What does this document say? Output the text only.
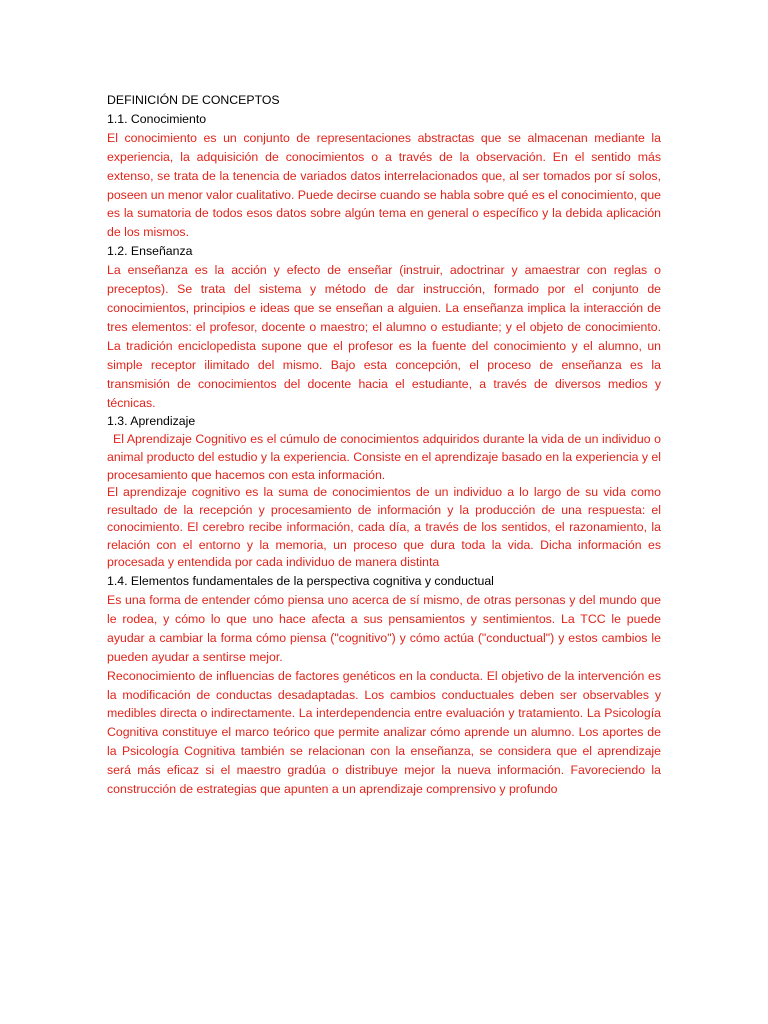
DEFINICIÓN DE CONCEPTOS
1.1. Conocimiento

El conocimiento es un conjunto de representaciones abstractas que se almacenan mediante la experiencia, la adquisición de conocimientos o a través de la observación. En el sentido más extenso, se trata de la tenencia de variados datos interrelacionados que, al ser tomados por sí solos, poseen un menor valor cualitativo. Puede decirse cuando se habla sobre qué es el conocimiento, que es la sumatoria de todos esos datos sobre algún tema en general o específico y la debida aplicación de los mismos.

1.2. Enseñanza

La enseñanza es la acción y efecto de enseñar (instruir, adoctrinar y amaestrar con reglas o preceptos). Se trata del sistema y método de dar instrucción, formado por el conjunto de conocimientos, principios e ideas que se enseñan a alguien. La enseñanza implica la interacción de tres elementos: el profesor, docente o maestro; el alumno o estudiante; y el objeto de conocimiento. La tradición enciclopedista supone que el profesor es la fuente del conocimiento y el alumno, un simple receptor ilimitado del mismo. Bajo esta concepción, el proceso de enseñanza es la transmisión de conocimientos del docente hacia el estudiante, a través de diversos medios y técnicas.

1.3. Aprendizaje

El Aprendizaje Cognitivo es el cúmulo de conocimientos adquiridos durante la vida de un individuo o animal producto del estudio y la experiencia. Consiste en el aprendizaje basado en la experiencia y el procesamiento que hacemos con esta información.

El aprendizaje cognitivo es la suma de conocimientos de un individuo a lo largo de su vida como resultado de la recepción y procesamiento de información y la producción de una respuesta: el conocimiento. El cerebro recibe información, cada día, a través de los sentidos, el razonamiento, la relación con el entorno y la memoria, un proceso que dura toda la vida. Dicha información es procesada y entendida por cada individuo de manera distinta

1.4. Elementos fundamentales de la perspectiva cognitiva y conductual

Es una forma de entender cómo piensa uno acerca de sí mismo, de otras personas y del mundo que le rodea, y cómo lo que uno hace afecta a sus pensamientos y sentimientos. La TCC le puede ayudar a cambiar la forma cómo piensa ("cognitivo") y cómo actúa ("conductual") y estos cambios le pueden ayudar a sentirse mejor.

Reconocimiento de influencias de factores genéticos en la conducta. El objetivo de la intervención es la modificación de conductas desadaptadas. Los cambios conductuales deben ser observables y medibles directa o indirectamente. La interdependencia entre evaluación y tratamiento. La Psicología Cognitiva constituye el marco teórico que permite analizar cómo aprende un alumno. Los aportes de la Psicología Cognitiva también se relacionan con la enseñanza, se considera que el aprendizaje será más eficaz si el maestro gradúa o distribuye mejor la nueva información. Favoreciendo la construcción de estrategias que apunten a un aprendizaje comprensivo y profundo
